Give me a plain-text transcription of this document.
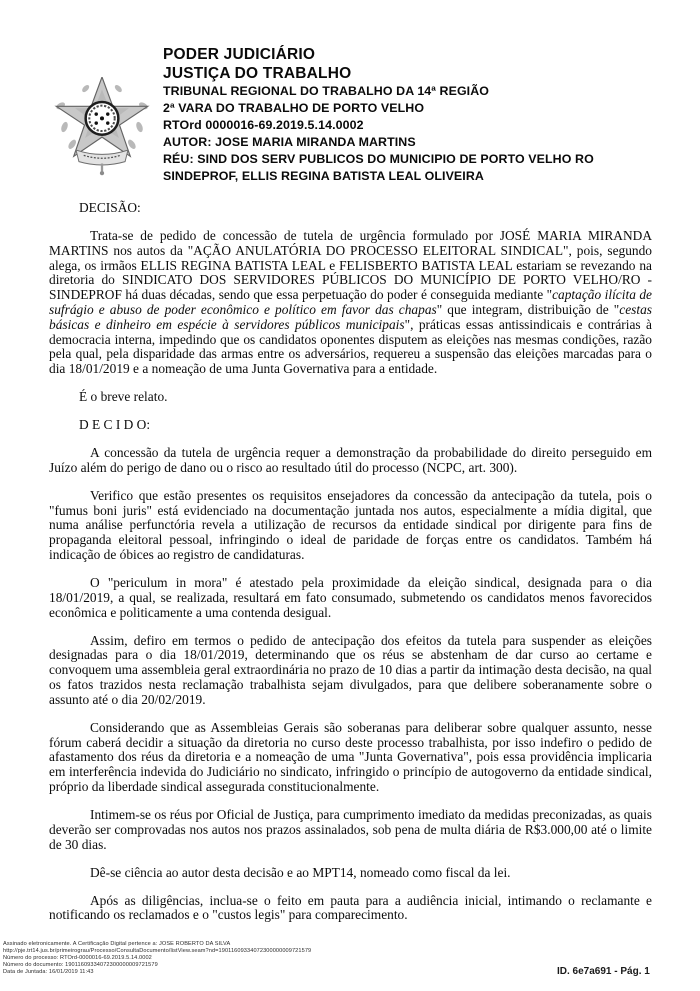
PODER JUDICIÁRIO
JUSTIÇA DO TRABALHO
TRIBUNAL REGIONAL DO TRABALHO DA 14ª REGIÃO
2ª VARA DO TRABALHO DE PORTO VELHO
RTOrd 0000016-69.2019.5.14.0002
AUTOR: JOSE MARIA MIRANDA MARTINS
RÉU: SIND DOS SERV PUBLICOS DO MUNICIPIO DE PORTO VELHO RO
SINDEPROF, ELLIS REGINA BATISTA LEAL OLIVEIRA

DECISÃO:

Trata-se de pedido de concessão de tutela de urgência formulado por JOSÉ MARIA MIRANDA MARTINS nos autos da "AÇÃO ANULATÓRIA DO PROCESSO ELEITORAL SINDICAL", pois, segundo alega, os irmãos ELLIS REGINA BATISTA LEAL e FELISBERTO BATISTA LEAL estariam se revezando na diretoria do SINDICATO DOS SERVIDORES PÚBLICOS DO MUNICÍPIO DE PORTO VELHO/RO - SINDEPROF há duas décadas, sendo que essa perpetuação do poder é conseguida mediante "captação ilícita de sufrágio e abuso de poder econômico e político em favor das chapas" que integram, distribuição de "cestas básicas e dinheiro em espécie à servidores públicos municipais", práticas essas antissindicais e contrárias à democracia interna, impedindo que os candidatos oponentes disputem as eleições nas mesmas condições, razão pela qual, pela disparidade das armas entre os adversários, requereu a suspensão das eleições marcadas para o dia 18/01/2019 e a nomeação de uma Junta Governativa para a entidade.

É o breve relato.

D E C I D O:

A concessão da tutela de urgência requer a demonstração da probabilidade do direito perseguido em Juízo além do perigo de dano ou o risco ao resultado útil do processo (NCPC, art. 300).

Verifico que estão presentes os requisitos ensejadores da concessão da antecipação da tutela, pois o "fumus boni juris" está evidenciado na documentação juntada nos autos, especialmente a mídia digital, que numa análise perfunctória revela a utilização de recursos da entidade sindical por dirigente para fins de propaganda eleitoral pessoal, infringindo o ideal de paridade de forças entre os candidatos. Também há indicação de óbices ao registro de candidaturas.

O "periculum in mora" é atestado pela proximidade da eleição sindical, designada para o dia 18/01/2019, a qual, se realizada, resultará em fato consumado, submetendo os candidatos menos favorecidos econômica e politicamente a uma contenda desigual.

Assim, defiro em termos o pedido de antecipação dos efeitos da tutela para suspender as eleições designadas para o dia 18/01/2019, determinando que os réus se abstenham de dar curso ao certame e convoquem uma assembleia geral extraordinária no prazo de 10 dias a partir da intimação desta decisão, na qual os fatos trazidos nesta reclamação trabalhista sejam divulgados, para que delibere soberanamente sobre o assunto até o dia 20/02/2019.

Considerando que as Assembleias Gerais são soberanas para deliberar sobre qualquer assunto, nesse fórum caberá decidir a situação da diretoria no curso deste processo trabalhista, por isso indefiro o pedido de afastamento dos réus da diretoria e a nomeação de uma "Junta Governativa", pois essa providência implicaria em interferência indevida do Judiciário no sindicato, infringido o princípio de autogoverno da entidade sindical, próprio da liberdade sindical assegurada constitucionalmente.

Intimem-se os réus por Oficial de Justiça, para cumprimento imediato da medidas preconizadas, as quais deverão ser comprovadas nos autos nos prazos assinalados, sob pena de multa diária de R$3.000,00 até o limite de 30 dias.

Dê-se ciência ao autor desta decisão e ao MPT14, nomeado como fiscal da lei.

Após as diligências, inclua-se o feito em pauta para a audiência inicial, intimando o reclamante e notificando os reclamados e o "custos legis" para comparecimento.

Assinado eletronicamente. A Certificação Digital pertence a: JOSE ROBERTO DA SILVA
http://pje.trt14.jus.br/primeirograu/Processo/ConsultaDocumento/listView.seam?nd=19011609334072300000009721579
Número do processo: RTOrd-0000016-69.2019.5.14.0002
Número do documento: 19011609334072300000009721579
Data de Juntada: 16/01/2019 11:43	ID. 6e7a691 - Pág. 1
